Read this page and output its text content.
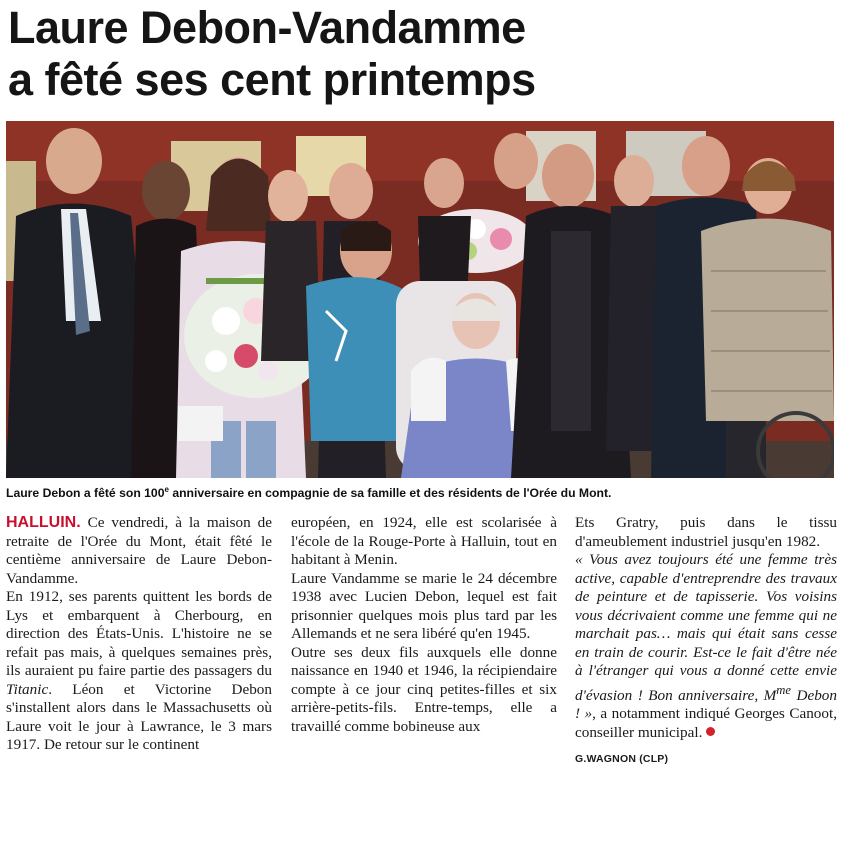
Laure Debon-Vandamme
a fêté ses cent printemps
Laure Debon a fêté son 100e anniversaire en compagnie de sa famille et des résidents de l'Orée du Mont.

HALLUIN. Ce vendredi, à la maison de retraite de l'Orée du Mont, était fêté le centième anniversaire de Laure Debon-Vandamme.

En 1912, ses parents quittent les bords de Lys et embarquent à Cherbourg, en direction des États-Unis. L'histoire ne se refait pas mais, à quelques semaines près, ils auraient pu faire partie des passagers du Titanic. Léon et Victorine Debon s'installent alors dans le Massachusetts où Laure voit le jour à Lawrance, le 3 mars 1917. De retour sur le continent

européen, en 1924, elle est scolarisée à l'école de la Rouge-Porte à Halluin, tout en habitant à Menin.

Laure Vandamme se marie le 24 décembre 1938 avec Lucien Debon, lequel est fait prisonnier quelques mois plus tard par les Allemands et ne sera libéré qu'en 1945.

Outre ses deux fils auxquels elle donne naissance en 1940 et 1946, la récipiendaire compte à ce jour cinq petites-filles et six arrière-petits-fils. Entre-temps, elle a travaillé comme bobineuse aux

Ets Gratry, puis dans le tissu d'ameublement industriel jusqu'en 1982.

« Vous avez toujours été une femme très active, capable d'entreprendre des travaux de peinture et de tapisserie. Vos voisins vous décrivaient comme une femme qui ne marchait pas… mais qui était sans cesse en train de courir. Est-ce le fait d'être née à l'étranger qui vous a donné cette envie d'évasion ! Bon anniversaire, $M^{me}$ Debon ! », a notamment indiqué Georges Canoot, conseiller municipal.

G.WAGNON (CLP)
